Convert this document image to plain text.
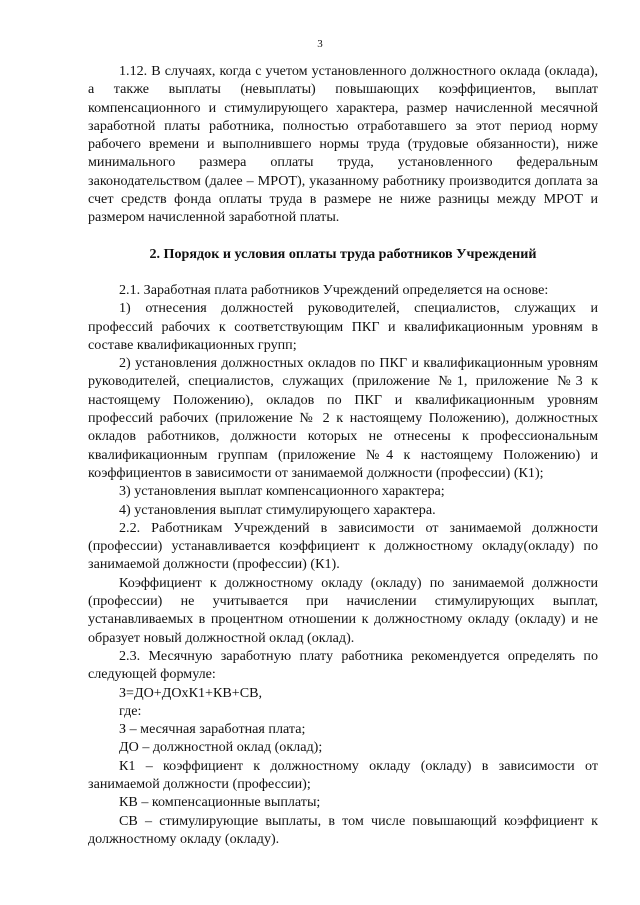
3

1.12. В случаях, когда с учетом установленного должностного оклада (оклада), а также выплаты (невыплаты) повышающих коэффициентов, выплат компенсационного и стимулирующего характера, размер начисленной месячной заработной платы работника, полностью отработавшего за этот период норму рабочего времени и выполнившего нормы труда (трудовые обязанности), ниже минимального размера оплаты труда, установленного федеральным законодательством (далее – МРОТ), указанному работнику производится доплата за счет средств фонда оплаты труда в размере не ниже разницы между МРОТ и размером начисленной заработной платы.

2. Порядок и условия оплаты труда работников Учреждений

2.1. Заработная плата работников Учреждений определяется на основе:

1) отнесения должностей руководителей, специалистов, служащих и профессий рабочих к соответствующим ПКГ и квалификационным уровням в составе квалификационных групп;

2) установления должностных окладов по ПКГ и квалификационным уровням руководителей, специалистов, служащих (приложение №1, приложение №3 к настоящему Положению), окладов по ПКГ и квалификационным уровням профессий рабочих (приложение № 2 к настоящему Положению), должностных окладов работников, должности которых не отнесены к профессиональным квалификационным группам (приложение №4 к настоящему Положению) и коэффициентов в зависимости от занимаемой должности (профессии) (К1);

3) установления выплат компенсационного характера;

4) установления выплат стимулирующего характера.

2.2. Работникам Учреждений в зависимости от занимаемой должности (профессии) устанавливается коэффициент к должностному окладу(окладу) по занимаемой должности (профессии) (К1).

Коэффициент к должностному окладу (окладу) по занимаемой должности (профессии) не учитывается при начислении стимулирующих выплат, устанавливаемых в процентном отношении к должностному окладу (окладу) и не образует новый должностной оклад (оклад).

2.3. Месячную заработную плату работника рекомендуется определять по следующей формуле:

З=ДО+ДОхК1+КВ+СВ,

где:

З – месячная заработная плата;

ДО – должностной оклад (оклад);

К1 – коэффициент к должностному окладу (окладу) в зависимости от занимаемой должности (профессии);

КВ – компенсационные выплаты;

СВ – стимулирующие выплаты, в том числе повышающий коэффициент к должностному окладу (окладу).
